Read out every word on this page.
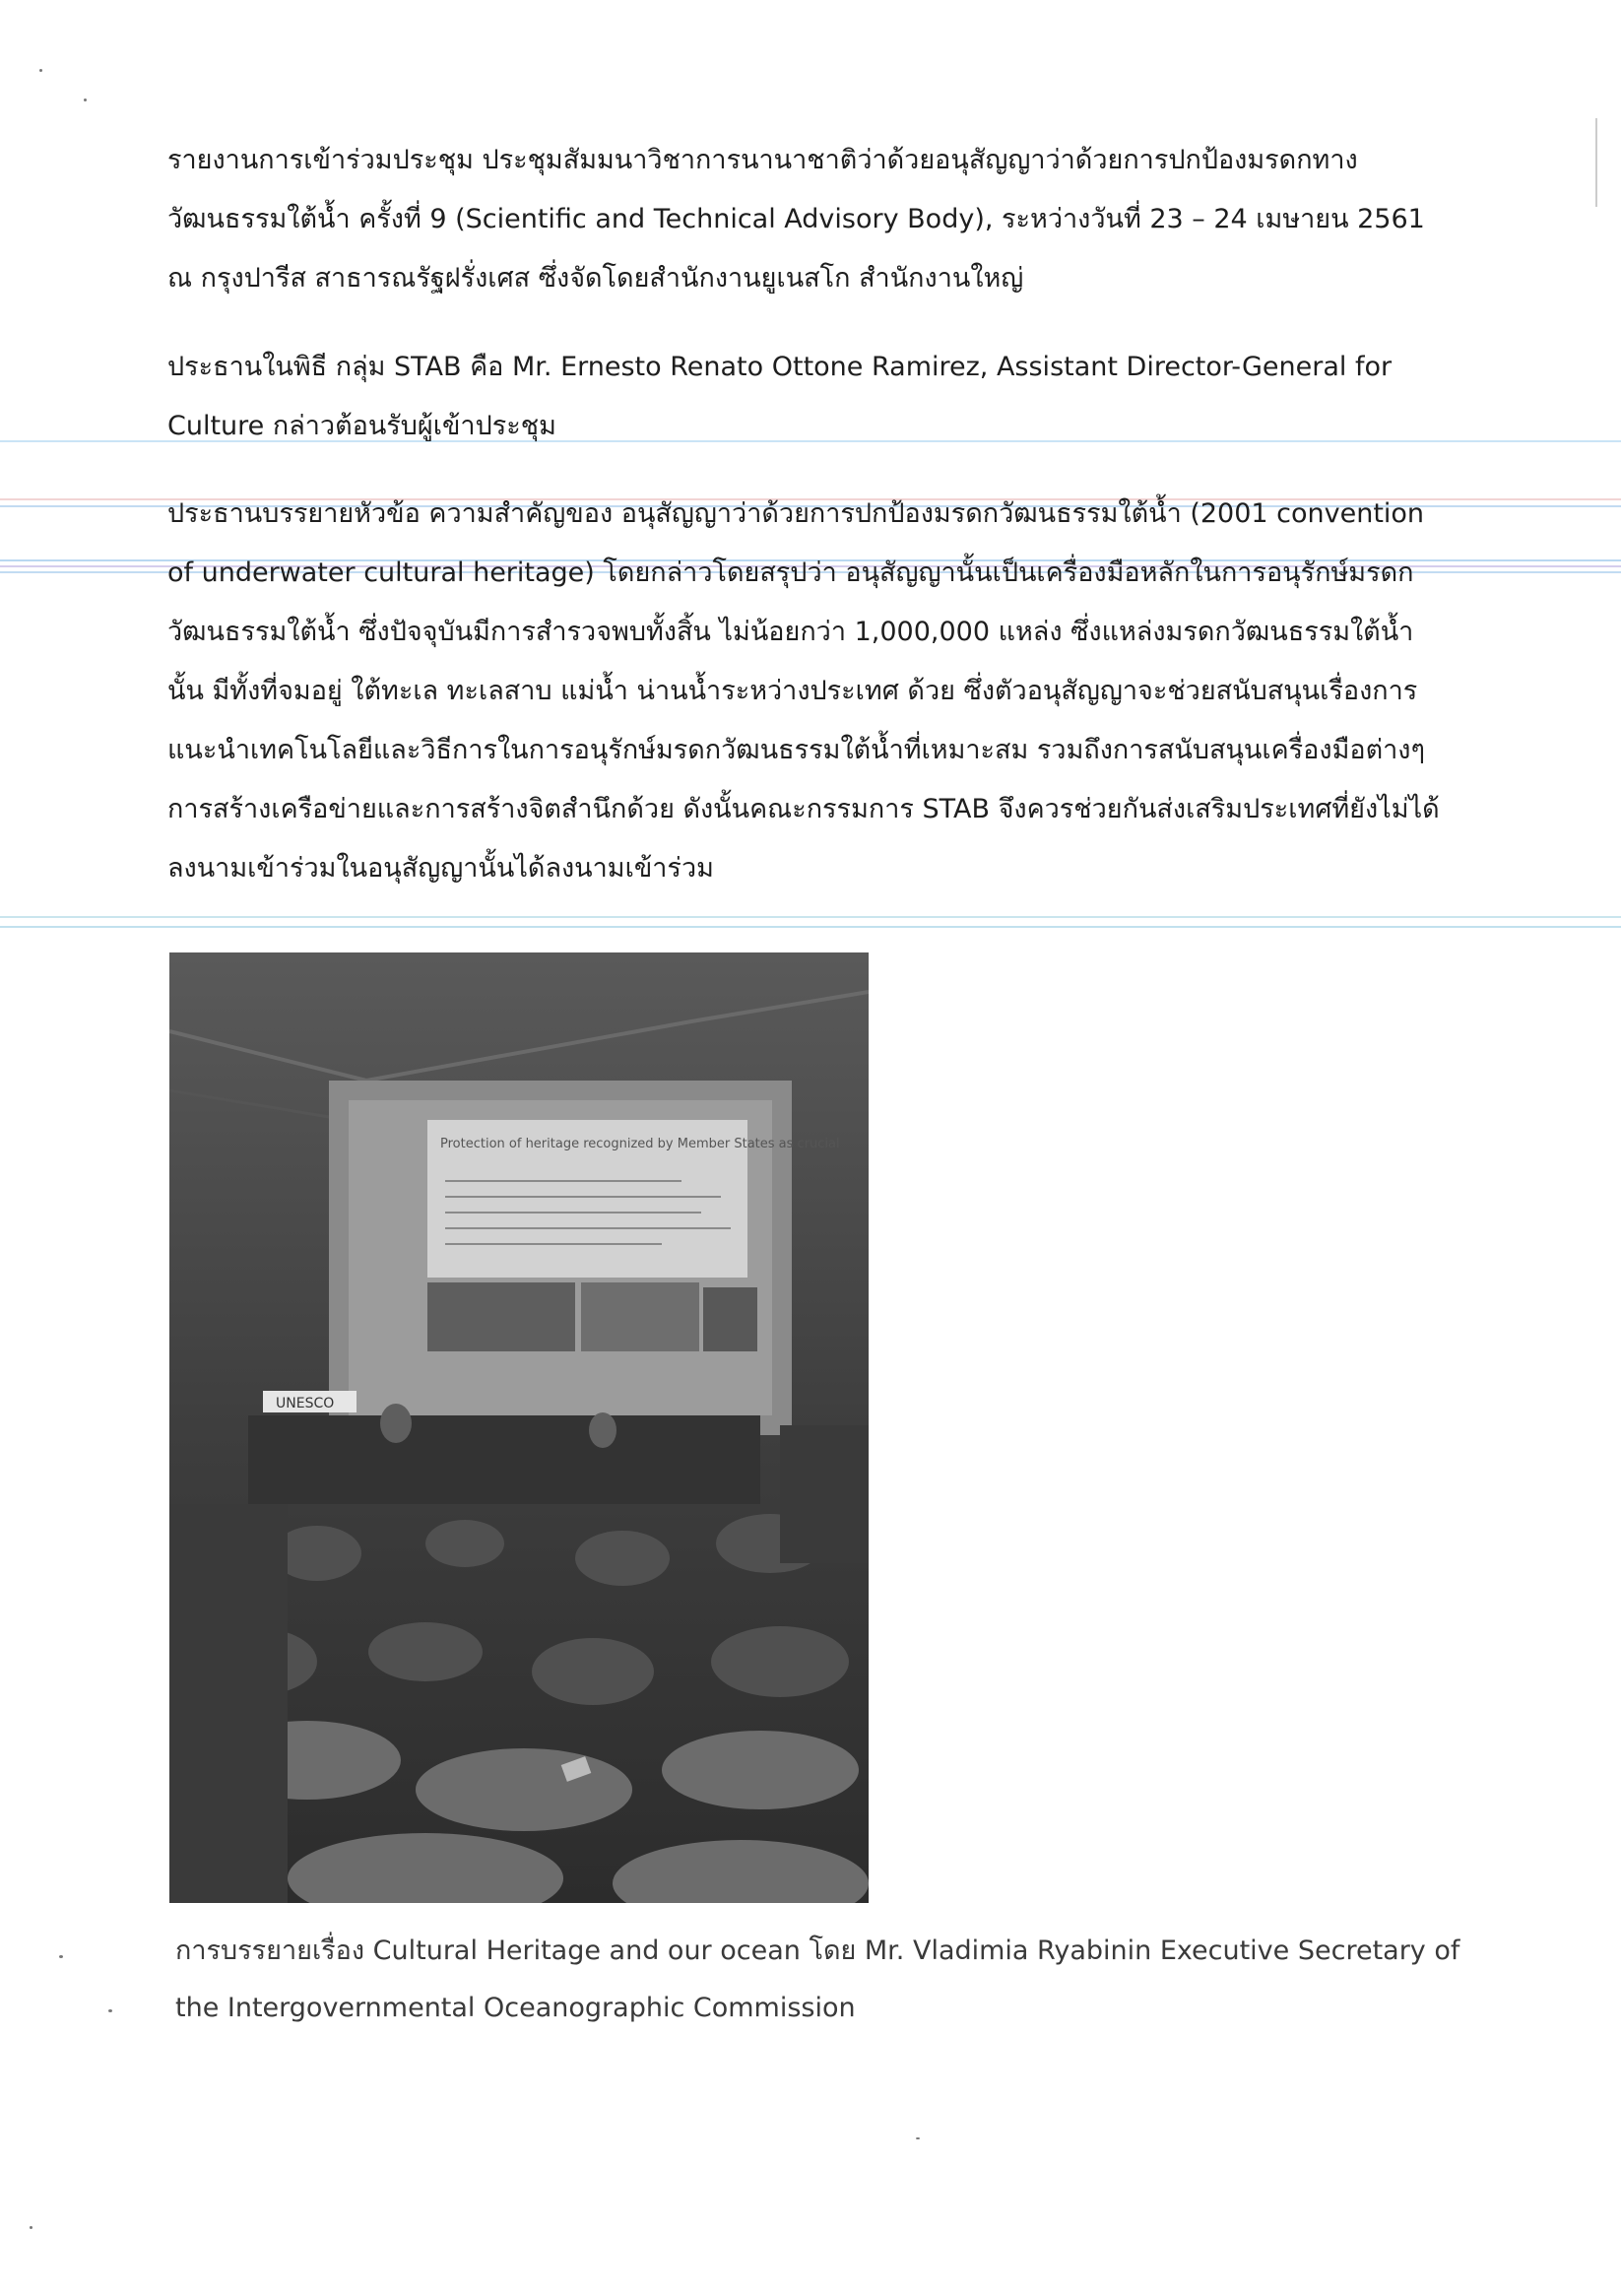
รายงานการเข้าร่วมประชุม ประชุมสัมมนาวิชาการนานาชาติว่าด้วยอนุสัญญาว่าด้วยการปกป้องมรดกทางวัฒนธรรมใต้น้ำ ครั้งที่ 9 (Scientific and Technical Advisory Body), ระหว่างวันที่ 23 – 24 เมษายน 2561 ณ กรุงปารีส สาธารณรัฐฝรั่งเศส ซึ่งจัดโดยสำนักงานยูเนสโก สำนักงานใหญ่

ประธานในพิธี กลุ่ม STAB คือ Mr. Ernesto Renato Ottone Ramirez, Assistant Director-General for Culture กล่าวต้อนรับผู้เข้าประชุม

ประธานบรรยายหัวข้อ ความสำคัญของ อนุสัญญาว่าด้วยการปกป้องมรดกวัฒนธรรมใต้น้ำ (2001 convention of underwater cultural heritage) โดยกล่าวโดยสรุปว่า อนุสัญญานั้นเป็นเครื่องมือหลักในการอนุรักษ์มรดกวัฒนธรรมใต้น้ำ ซึ่งปัจจุบันมีการสำรวจพบทั้งสิ้น ไม่น้อยกว่า 1,000,000 แหล่ง ซึ่งแหล่งมรดกวัฒนธรรมใต้น้ำนั้น มีทั้งที่จมอยู่ ใต้ทะเล ทะเลสาบ แม่น้ำ น่านน้ำระหว่างประเทศ ด้วย ซึ่งตัวอนุสัญญาจะช่วยสนับสนุนเรื่องการแนะนำเทคโนโลยีและวิธีการในการอนุรักษ์มรดกวัฒนธรรมใต้น้ำที่เหมาะสม รวมถึงการสนับสนุนเครื่องมือต่างๆ การสร้างเครือข่ายและการสร้างจิตสำนึกด้วย ดังนั้นคณะกรรมการ STAB จึงควรช่วยกันส่งเสริมประเทศที่ยังไม่ได้ลงนามเข้าร่วมในอนุสัญญานั้นได้ลงนามเข้าร่วม

Protection of heritage recognized by Member States as crucial
UNESCO

การบรรยายเรื่อง Cultural Heritage and our ocean โดย Mr. Vladimia Ryabinin Executive Secretary of the Intergovernmental Oceanographic Commission
